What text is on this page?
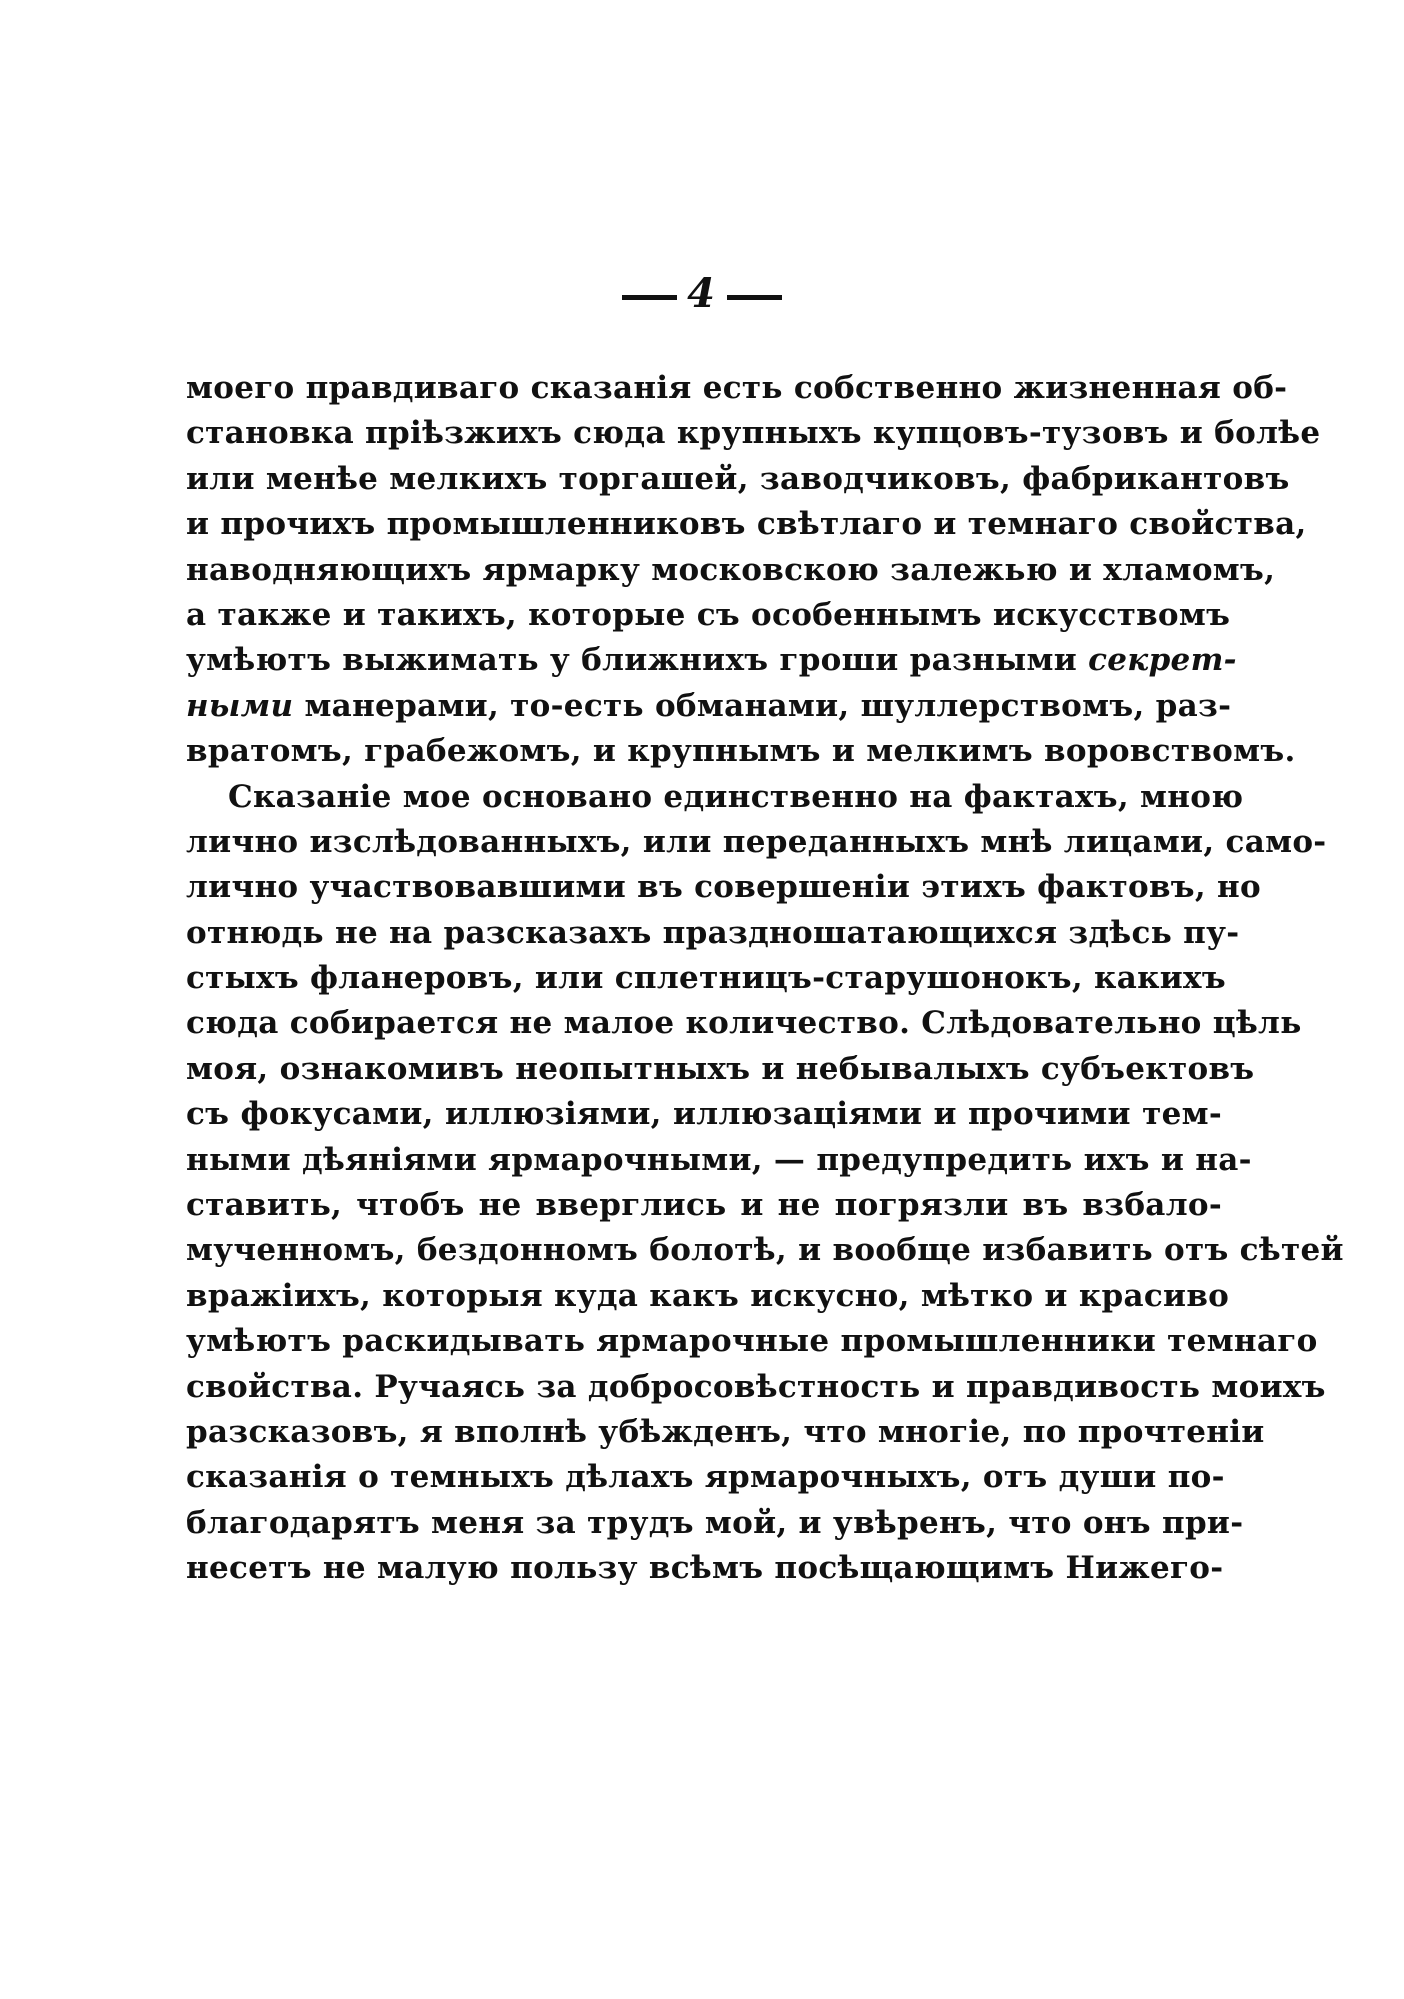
4
моего правдиваго сказанія есть собственно жизненная об-
становка пріѣзжихъ сюда крупныхъ купцовъ-тузовъ и болѣе
или менѣе мелкихъ торгашей, заводчиковъ, фабрикантовъ
и прочихъ промышленниковъ свѣтлаго и темнаго свойства,
наводняющихъ ярмарку московскою залежью и хламомъ,
а также и такихъ, которые съ особеннымъ искусствомъ
умѣютъ выжимать у ближнихъ гроши разными секрет-
ными манерами, то-есть обманами, шуллерствомъ, раз-
вратомъ, грабежомъ, и крупнымъ и мелкимъ воровствомъ.
Сказаніе мое основано единственно на фактахъ, мною
лично изслѣдованныхъ, или переданныхъ мнѣ лицами, само-
лично участвовавшими въ совершеніи этихъ фактовъ, но
отнюдь не на разсказахъ праздношатающихся здѣсь пу-
стыхъ фланеровъ, или сплетницъ-старушонокъ, какихъ
сюда собирается не малое количество. Слѣдовательно цѣль
моя, ознакомивъ неопытныхъ и небывалыхъ субъектовъ
съ фокусами, иллюзіями, иллюзаціями и прочими тем-
ными дѣяніями ярмарочными, — предупредить ихъ и на-
ставить, чтобъ не вверглись и не погрязли въ взбало-
мученномъ, бездонномъ болотѣ, и вообще избавить отъ сѣтей
вражіихъ, которыя куда какъ искусно, мѣтко и красиво
умѣютъ раскидывать ярмарочные промышленники темнаго
свойства. Ручаясь за добросовѣстность и правдивость моихъ
разсказовъ, я вполнѣ убѣжденъ, что многіе, по прочтеніи
сказанія о темныхъ дѣлахъ ярмарочныхъ, отъ души по-
благодарятъ меня за трудъ мой, и увѣренъ, что онъ при-
несетъ не малую пользу всѣмъ посѣщающимъ Нижего-
